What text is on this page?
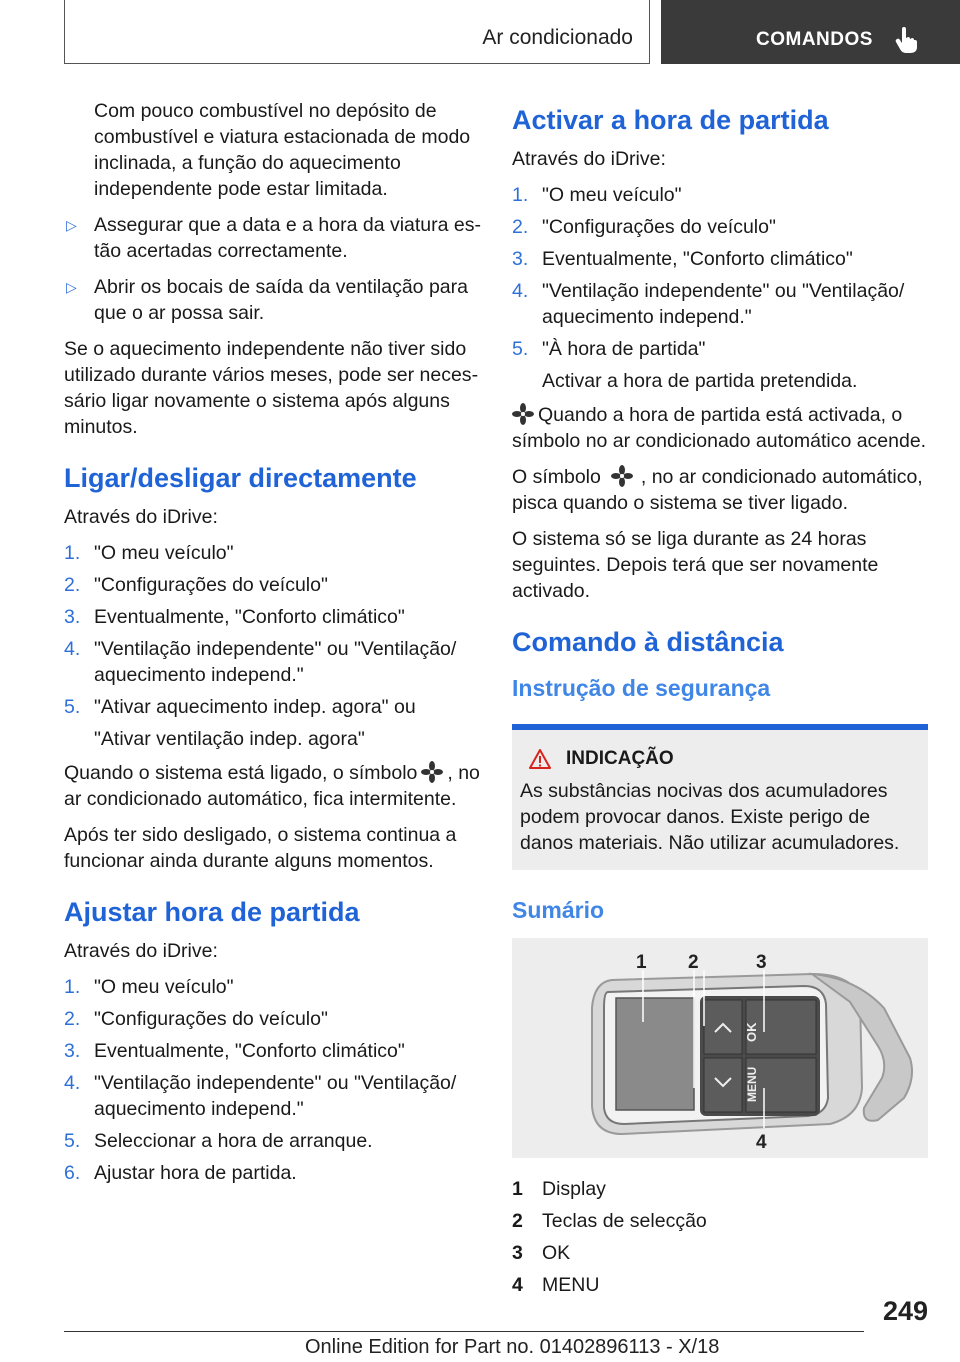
Ar condicionado	COMANDOS

Com pouco combustível no depósito de combustível e viatura estacionada de modo inclinada, a função do aquecimento independente pode estar limitada.

▷ Assegurar que a data e a hora da viatura estão acertadas correctamente.
▷ Abrir os bocais de saída da ventilação para que o ar possa sair.

Se o aquecimento independente não tiver sido utilizado durante vários meses, pode ser necessário ligar novamente o sistema após alguns minutos.

Ligar/desligar directamente

Através do iDrive:

1. "O meu veículo"
2. "Configurações do veículo"
3. Eventualmente, "Conforto climático"
4. "Ventilação independente" ou "Ventilação/ aquecimento independ."
5. "Ativar aquecimento indep. agora" ou
"Ativar ventilação indep. agora"

Quando o sistema está ligado, o símbolo , no ar condicionado automático, fica intermitente.

Após ter sido desligado, o sistema continua a funcionar ainda durante alguns momentos.

Ajustar hora de partida

Através do iDrive:

1. "O meu veículo"
2. "Configurações do veículo"
3. Eventualmente, "Conforto climático"
4. "Ventilação independente" ou "Ventilação/ aquecimento independ."
5. Seleccionar a hora de arranque.
6. Ajustar hora de partida.
Activar a hora de partida

Através do iDrive:

1. "O meu veículo"
2. "Configurações do veículo"
3. Eventualmente, "Conforto climático"
4. "Ventilação independente" ou "Ventilação/ aquecimento independ."
5. "À hora de partida"
Activar a hora de partida pretendida.

Quando a hora de partida está activada, o símbolo no ar condicionado automático acende.

O símbolo , no ar condicionado automático, pisca quando o sistema se tiver ligado.

O sistema só se liga durante as 24 horas seguintes. Depois terá que ser novamente activado.

Comando à distância
Instrução de segurança
INDICAÇÃO
As substâncias nocivas dos acumuladores podem provocar danos. Existe perigo de danos materiais. Não utilizar acumuladores.
Sumário
OK
MENU
1 2	3
4
1 Display
2 Teclas de selecção
3 OK
4 MENU
249
Online Edition for Part no. 01402896113 - X/18
